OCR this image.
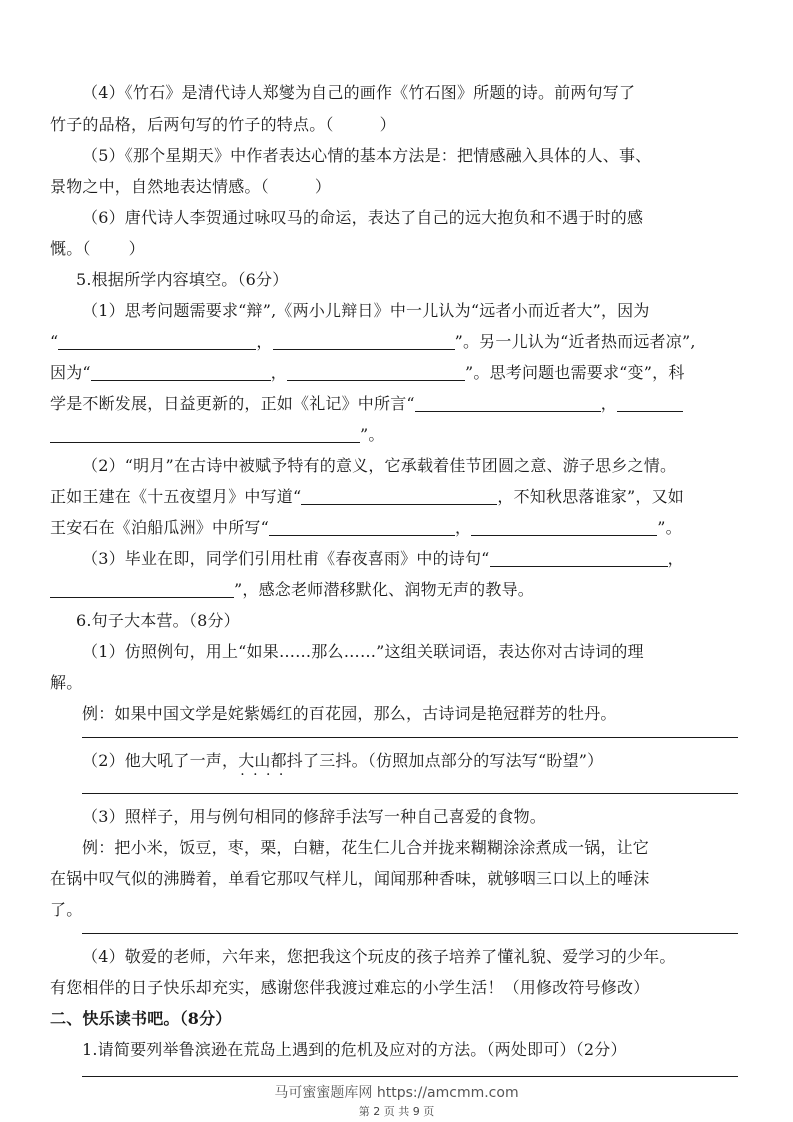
（4）《竹石》是清代诗人郑燮为自己的画作《竹石图》所题的诗。前两句写了
竹子的品格，后两句写的竹子的特点。（	）
（5）《那个星期天》中作者表达心情的基本方法是：把情感融入具体的人、事、
景物之中，自然地表达情感。（	）
（6）唐代诗人李贺通过咏叹马的命运，表达了自己的远大抱负和不遇于时的感
慨。（ ）
5.根据所学内容填空。（6分）
（1）思考问题需要求“辩”,《两小儿辩日》中一儿认为“远者小而近者大”，因为
“	，	”。另一儿认为“近者热而远者凉”,
因为“	，	”。思考问题也需要求“变”，科
学是不断发展，日益更新的，正如《礼记》中所言“	，
”。
（2）“明月”在古诗中被赋予特有的意义，它承载着佳节团圆之意、游子思乡之情。
正如王建在《十五夜望月》中写道“	，不知秋思落谁家”，又如
王安石在《泊船瓜洲》中所写“	，	”。
（3）毕业在即，同学们引用杜甫《春夜喜雨》中的诗句“	，
”，感念老师潜移默化、润物无声的教导。
6.句子大本营。（8分）
（1）仿照例句，用上“如果……那么……”这组关联词语，表达你对古诗词的理
解。
例：如果中国文学是姹紫嫣红的百花园，那么，古诗词是艳冠群芳的牡丹。
（2）他大吼了一声，大山都抖了三抖 · ·。（仿照加点部分的写法写“盼望”）
（3）照样子，用与例句相同的修辞手法写一种自己喜爱的食物。
例：把小米，饭豆，枣，栗，白糖，花生仁儿合并拢来糊糊涂涂煮成一锅，让它
在锅中叹气似的沸腾着，单看它那叹气样儿，闻闻那种香味，就够咽三口以上的唾沫
了。
（4）敬爱的老师，六年来，您把我这个玩皮的孩子培养了懂礼貌、爱学习的少年。
有您相伴的日子快乐却充实，感谢您伴我渡过难忘的小学生活！（用修改符号修改）
二、快乐读书吧。（8分）
1.请简要列举鲁滨逊在荒岛上遇到的危机及应对的方法。（两处即可）（2分）
马可蜜蜜题库网 https://amcmm.com
第 2 页 共 9 页
